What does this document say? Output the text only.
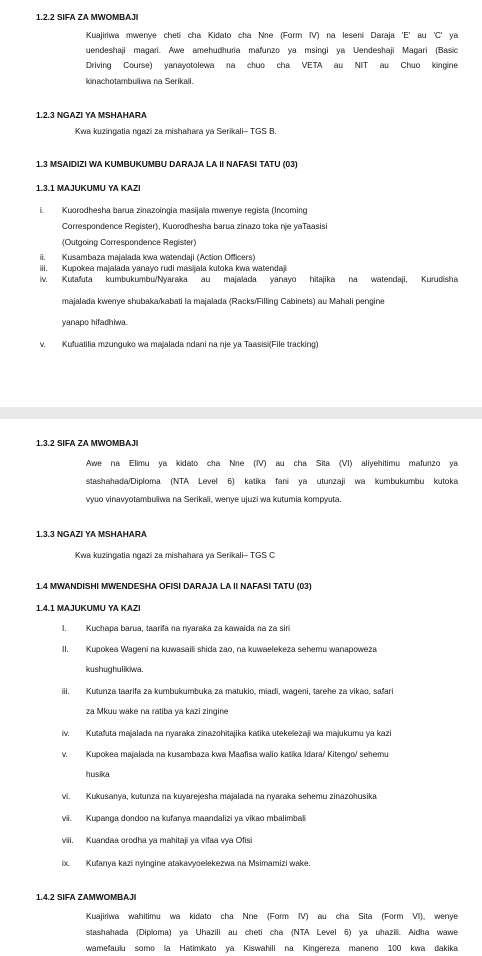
1.2.2 SIFA ZA MWOMBAJI
Kuajiriwa mwenye cheti cha Kidato cha Nne (Form IV) na leseni Daraja 'E' au 'C' ya
uendeshaji magari. Awe amehudhuria mafunzo ya msingi ya Uendeshaji Magari (Basic
Driving Course) yanayotolewa na chuo cha VETA au NIT au Chuo kingine
kinachotambuliwa na Serikali.
1.2.3 NGAZI YA MSHAHARA
Kwa kuzingatia ngazi za mishahara ya Serikali– TGS B.
1.3 MSAIDIZI WA KUMBUKUMBU DARAJA LA II NAFASI TATU (03)
1.3.1 MAJUKUMU YA KAZI
i. Kuorodhesha barua zinazoingia masijala mwenye regista (Incoming
Correspondence Register), Kuorodhesha barua zinazo toka nje yaTaasisi
(Outgoing Correspondence Register)
ii. Kusambaza majalada kwa watendaji (Action Officers)
iii. Kupokea majalada yanayo rudi masijala kutoka kwa watendaji
iv. Kutafuta kumbukumbu/Nyaraka au majalada yanayo hitajika na watendaji, Kurudisha
majalada kwenye shubaka/kabati la majalada (Racks/Filling Cabinets) au Mahali pengine
yanapo hifadhiwa.
v. Kufuatilia mzunguko wa majalada ndani na nje ya Taasisi(File tracking)
1.3.2 SIFA ZA MWOMBAJI
Awe na Elimu ya kidato cha Nne (IV) au cha Sita (VI) aliyehitimu mafunzo ya
stashahada/Diploma (NTA Level 6) katika fani ya utunzaji wa kumbukumbu kutoka
vyuo vinavyotambuliwa na Serikali, wenye ujuzi wa kutumia kompyuta.
1.3.3 NGAZI YA MSHAHARA
Kwa kuzingatia ngazi za mishahara ya Serikali– TGS C
1.4 MWANDISHI MWENDESHA OFISI DARAJA LA II NAFASI TATU (03)
1.4.1 MAJUKUMU YA KAZI
I. Kuchapa barua, taarifa na nyaraka za kawaida na za siri
II. Kupokea Wageni na kuwasaili shida zao, na kuwaelekeza sehemu wanapoweza
kushughulikiwa.
iii. Kutunza taarifa za kumbukumbuka za matukio, miadi, wageni, tarehe za vikao, safari
za Mkuu wake na ratiba ya kazi zingine
iv. Kutafuta majalada na nyaraka zinazohitajika katika utekelezaji wa majukumu ya kazi
v. Kupokea majalada na kusambaza kwa Maafisa walio katika Idara/ Kitengo/ sehemu
husika
vi. Kukusanya, kutunza na kuyarejesha majalada na nyaraka sehemu zinazohusika
vii. Kupanga dondoo na kufanya maandalizi ya vikao mbalimbali
viii. Kuandaa orodha ya mahitaji ya vifaa vya Ofisi
ix. Kufanya kazi nyingine atakavyoelekezwa na Msimamizi wake.
1.4.2 SIFA ZAMWOMBAJI
Kuajiriwa wahitimu wa kidato cha Nne (Form IV) au cha Sita (Form VI), wenye
stashahada (Diploma) ya Uhazili au cheti cha (NTA Level 6) ya uhazili. Aidha wawe
wamefaulu somo la Hatimkato ya Kiswahili na Kingereza maneno 100 kwa dakika
